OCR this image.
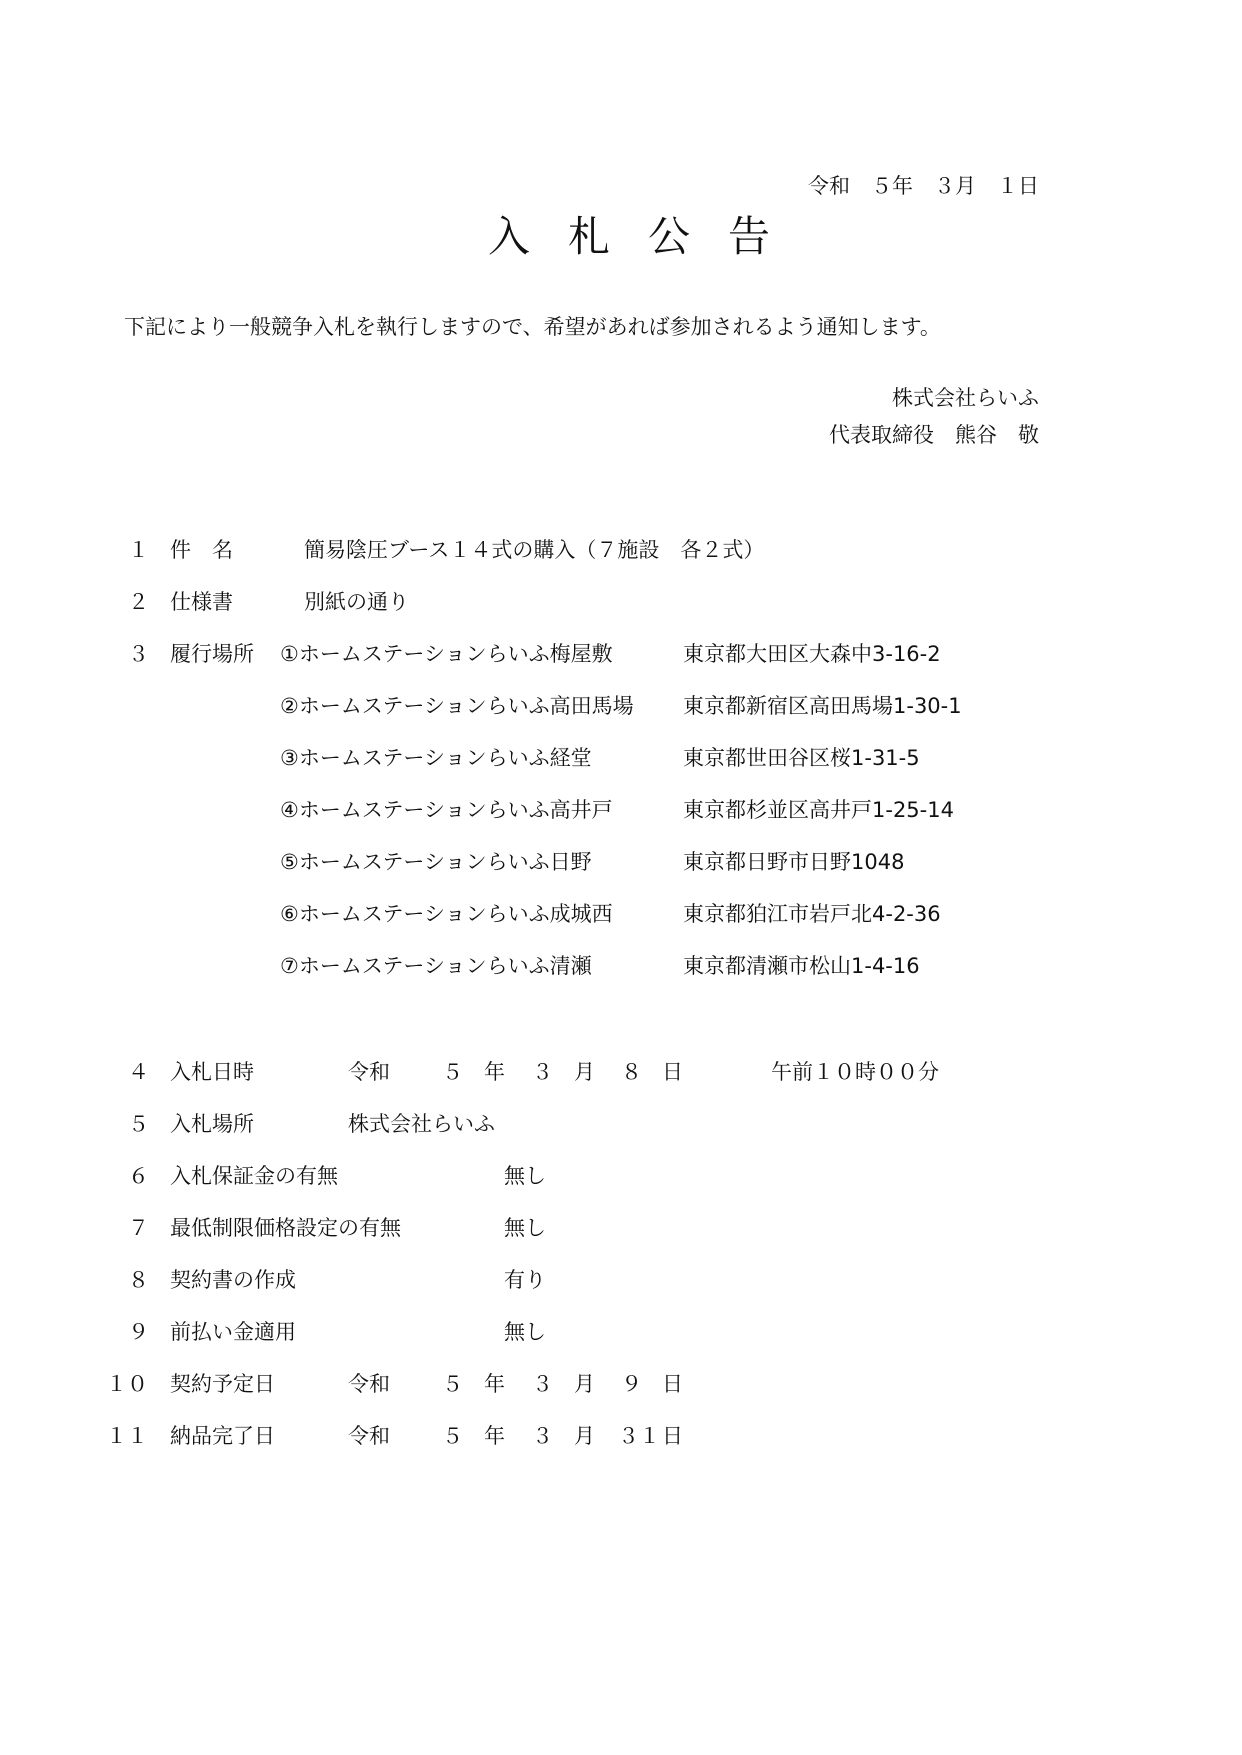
令和　５年　３月　１日
入札公告
下記により一般競争入札を執行しますので、希望があれば参加されるよう通知します。
株式会社らいふ
代表取締役　熊谷　敬
１ 件　名	簡易陰圧ブース１４式の購入（７施設　各２式）
２ 仕様書	別紙の通り
３ 履行場所 ①ホームステーションらいふ梅屋敷	東京都大田区大森中3-16-2
②ホームステーションらいふ高田馬場 東京都新宿区高田馬場1-30-1
③ホームステーションらいふ経堂	東京都世田谷区桜1-31-5
④ホームステーションらいふ高井戸	東京都杉並区高井戸1-25-14
⑤ホームステーションらいふ日野	東京都日野市日野1048
⑥ホームステーションらいふ成城西	東京都狛江市岩戸北4-2-36
⑦ホームステーションらいふ清瀬	東京都清瀬市松山1-4-16
４ 入札日時	令和 ５ 年 ３ 月 ８ 日	午前１０時００分
５ 入札場所	株式会社らいふ
６ 入札保証金の有無	無し
７ 最低制限価格設定の有無	無し
８ 契約書の作成	有り
９ 前払い金適用	無し
１０ 契約予定日	令和 ５ 年 ３ 月 ９ 日
１１ 納品完了日	令和 ５ 年 ３ 月 ３１ 日
